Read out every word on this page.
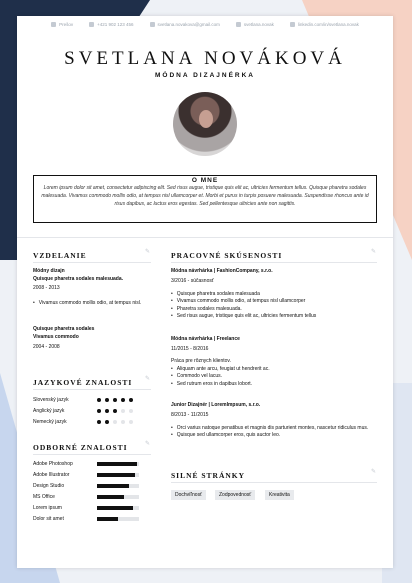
Prešov	+421 902 123 456	svetlana.novakova@gmail.com	svetlana.novak	linkedin.com/in/svetlana.novak
SVETLANA NOVÁKOVÁ
MÓDNA DIZAJNÉRKA
O MNE
Lorem ipsum dolor sit amet, consectetur adipiscing elit. Sed risus augue, tristique quis elit ac, ultricies fermentum tellus. Quisque pharetra sodales malesuada. Vivamus commodo mollis odio, at tempus nisl ullamcorper et. Morbi et purus in turpis posuere malesuada. Suspendisse rhoncus ante id risus dapibus, ac luctus eros egestas. Sed pellentesque ultricies ante non sagittis.
VZDELANIE	✎
Módny dizajn
Quisque pharetra sodales malesuada.
2008 - 2013
• Vivamus commodo mollis odio, at tempus nisl.
Quisque pharetra sodales
Vivamus commodo
2004 - 2008
JAZYKOVÉ ZNALOSTI ✎
Slovenský jazyk
Anglický jazyk
Nemecký jazyk
ODBORNÉ ZNALOSTI	✎
Adobe Photoshop
Adobe Illustrator
Design Studio
MS Office
Lorem ipsum
Dolor sit amet
PRACOVNÉ SKÚSENOSTI	✎
Módna návrhárka | FashionCompany, s.r.o.
3/2016 - súčasnosť
• Quisque pharetra sodales malesuada
• Vivamus commodo mollis odio, at tempus nisl ullamcorper
• Pharetra sodales malesuada.
• Sed risus augue, tristique quis elit ac, ultricies fermentum tellus
Módna návrhárka | Freelance
11/2015 - 8/2016
Práca pre rôznych klientov.
• Aliquam ante arcu, feugiat ut hendrerit ac.
• Commodo vel lacus.
• Sed rutrum eros in dapibus lobort.
Junior Dizajnér | LoremImpsum, s.r.o.
8/2013 - 11/2015
• Orci varius natoque penatibus et magnis dis parturient montes, nascetur ridiculus mus.
• Quisque sed ullamcorper eros, quis auctor leo.
SILNÉ STRÁNKY	✎
Dochvíľnosť	Zodpovednosť	Kreativita
